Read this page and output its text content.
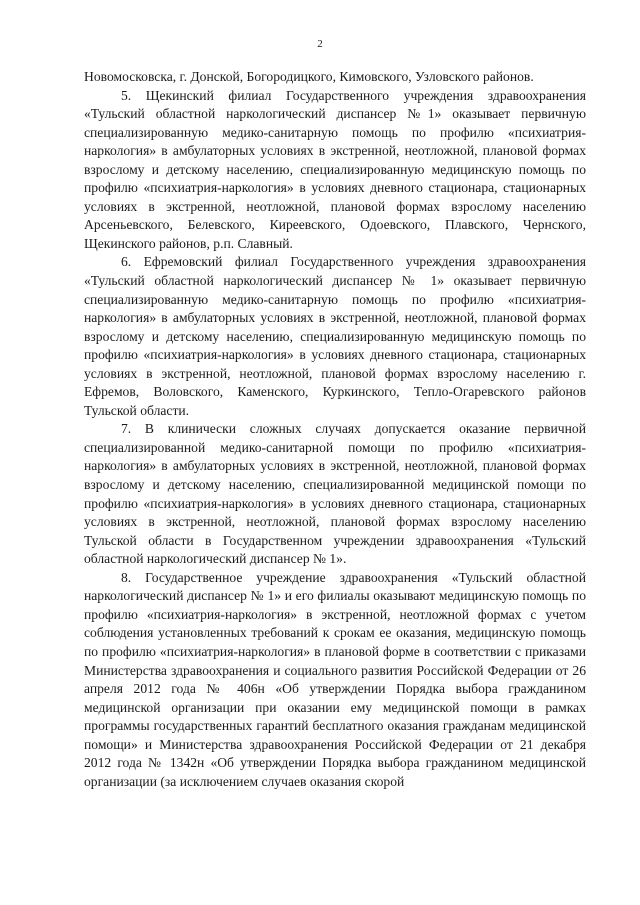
2

Новомосковска, г. Донской, Богородицкого, Кимовского, Узловского районов.

5. Щекинский филиал Государственного учреждения здравоохранения «Тульский областной наркологический диспансер №1» оказывает первичную специализированную медико-санитарную помощь по профилю «психиатрия-наркология» в амбулаторных условиях в экстренной, неотложной, плановой формах взрослому и детскому населению, специализированную медицинскую помощь по профилю «психиатрия-наркология» в условиях дневного стационара, стационарных условиях в экстренной, неотложной, плановой формах взрослому населению Арсеньевского, Белевского, Киреевского, Одоевского, Плавского, Чернского, Щекинского районов, р.п. Славный.

6. Ефремовский филиал Государственного учреждения здравоохранения «Тульский областной наркологический диспансер № 1» оказывает первичную специализированную медико-санитарную помощь по профилю «психиатрия-наркология» в амбулаторных условиях в экстренной, неотложной, плановой формах взрослому и детскому населению, специализированную медицинскую помощь по профилю «психиатрия-наркология» в условиях дневного стационара, стационарных условиях в экстренной, неотложной, плановой формах взрослому населению г. Ефремов, Воловского, Каменского, Куркинского, Тепло-Огаревского районов Тульской области.

7. В клинически сложных случаях допускается оказание первичной специализированной медико-санитарной помощи по профилю «психиатрия-наркология» в амбулаторных условиях в экстренной, неотложной, плановой формах взрослому и детскому населению, специализированной медицинской помощи по профилю «психиатрия-наркология» в условиях дневного стационара, стационарных условиях в экстренной, неотложной, плановой формах взрослому населению Тульской области в Государственном учреждении здравоохранения «Тульский областной наркологический диспансер № 1».

8. Государственное учреждение здравоохранения «Тульский областной наркологический диспансер № 1» и его филиалы оказывают медицинскую помощь по профилю «психиатрия-наркология» в экстренной, неотложной формах с учетом соблюдения установленных требований к срокам ее оказания, медицинскую помощь по профилю «психиатрия-наркология» в плановой форме в соответствии с приказами Министерства здравоохранения и социального развития Российской Федерации от 26 апреля 2012 года № 406н «Об утверждении Порядка выбора гражданином медицинской организации при оказании ему медицинской помощи в рамках программы государственных гарантий бесплатного оказания гражданам медицинской помощи» и Министерства здравоохранения Российской Федерации от 21 декабря 2012 года № 1342н «Об утверждении Порядка выбора гражданином медицинской организации (за исключением случаев оказания скорой
